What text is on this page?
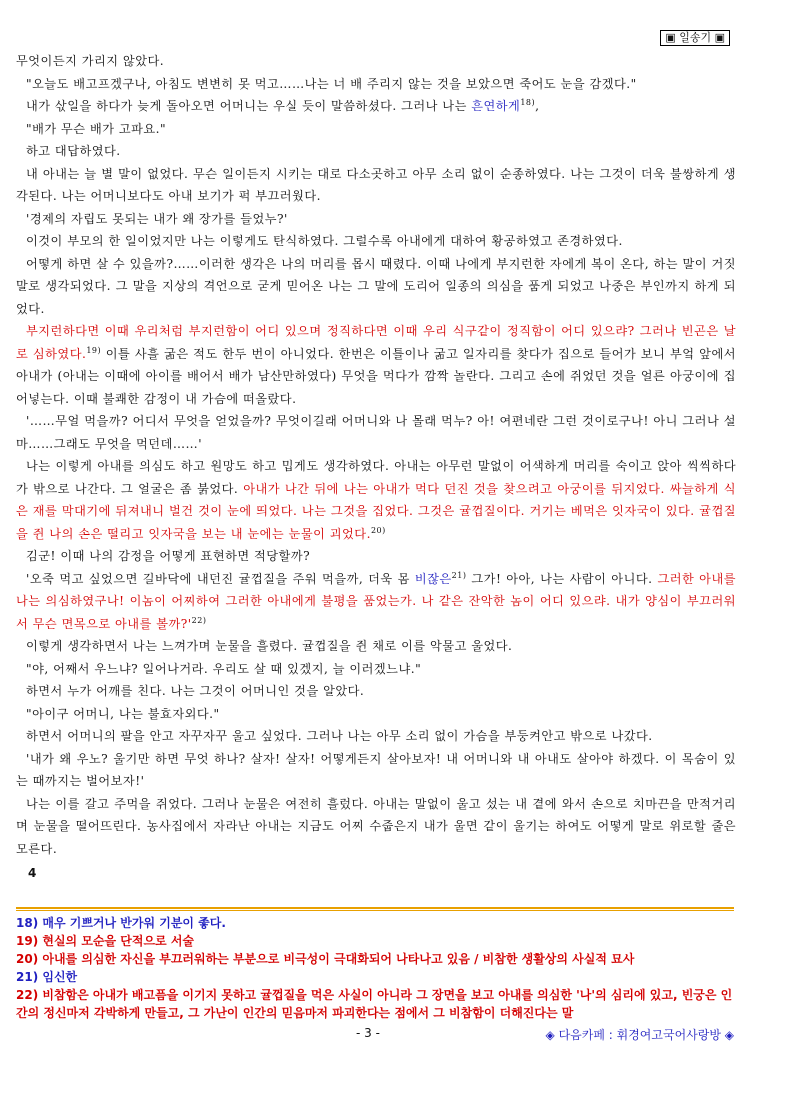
▣ 일송기 ▣

무엇이든지 가리지 않았다.

"오늘도 배고프겠구나, 아침도 변변히 못 먹고……나는 너 배 주리지 않는 것을 보았으면 죽어도 눈을 감겠다."

내가 삯일을 하다가 늦게 돌아오면 어머니는 우실 듯이 말씀하셨다. 그러나 나는 흔연하게$^{18)}$,

"배가 무슨 배가 고파요."

하고 대답하였다.

내 아내는 늘 별 말이 없었다. 무슨 일이든지 시키는 대로 다소곳하고 아무 소리 없이 순종하였다. 나는 그것이 더욱 불쌍하게 생각된다. 나는 어머니보다도 아내 보기가 퍽 부끄러웠다.

'경제의 자립도 못되는 내가 왜 장가를 들었누?'

이것이 부모의 한 일이었지만 나는 이렇게도 탄식하였다. 그럴수록 아내에게 대하여 황공하였고 존경하였다.

어떻게 하면 살 수 있을까?……이러한 생각은 나의 머리를 몹시 때렸다. 이때 나에게 부지런한 자에게 복이 온다, 하는 말이 거짓말로 생각되었다. 그 말을 지상의 격언으로 굳게 믿어온 나는 그 말에 도리어 일종의 의심을 품게 되었고 나중은 부인까지 하게 되었다.

부지런하다면 이때 우리처럼 부지런함이 어디 있으며 정직하다면 이때 우리 식구같이 정직함이 어디 있으랴? 그러나 빈곤은 날로 심하였다.$^{19)}$ 이틀 사흘 굶은 적도 한두 번이 아니었다. 한번은 이틀이나 굶고 일자리를 찾다가 집으로 들어가 보니 부엌 앞에서 아내가 (아내는 이때에 아이를 배어서 배가 남산만하였다) 무엇을 먹다가 깜짝 놀란다. 그리고 손에 쥐었던 것을 얼른 아궁이에 집어넣는다. 이때 불쾌한 감정이 내 가슴에 떠올랐다.

'……무얼 먹을까? 어디서 무엇을 얻었을까? 무엇이길래 어머니와 나 몰래 먹누? 아! 여편네란 그런 것이로구나! 아니 그러나 설마……그래도 무엇을 먹던데……'

나는 이렇게 아내를 의심도 하고 원망도 하고 밉게도 생각하였다. 아내는 아무런 말없이 어색하게 머리를 숙이고 앉아 씩씩하다가 밖으로 나간다. 그 얼굴은 좀 붉었다. 아내가 나간 뒤에 나는 아내가 먹다 던진 것을 찾으려고 아궁이를 뒤지었다. 싸늘하게 식은 재를 막대기에 뒤져내니 벌건 것이 눈에 띄었다. 나는 그것을 집었다. 그것은 귤껍질이다. 거기는 베먹은 잇자국이 있다. 귤껍질을 쥔 나의 손은 떨리고 잇자국을 보는 내 눈에는 눈물이 괴었다.$^{20)}$

김군! 이때 나의 감정을 어떻게 표현하면 적당할까?

'오죽 먹고 싶었으면 길바닥에 내던진 귤껍질을 주워 먹을까, 더욱 몸 비잖은$^{21)}$ 그가! 아아, 나는 사람이 아니다. 그러한 아내를 나는 의심하였구나! 이놈이 어찌하여 그러한 아내에게 불평을 품었는가. 나 같은 잔악한 놈이 어디 있으랴. 내가 양심이 부끄러워서 무슨 면목으로 아내를 볼까$?'^{22)}$

이렇게 생각하면서 나는 느껴가며 눈물을 흘렸다. 귤껍질을 쥔 채로 이를 악물고 울었다.

"야, 어째서 우느냐? 일어나거라. 우리도 살 때 있겠지, 늘 이러겠느냐."

하면서 누가 어깨를 친다. 나는 그것이 어머니인 것을 알았다.

"아이구 어머니, 나는 불효자외다."

하면서 어머니의 팔을 안고 자꾸자꾸 울고 싶었다. 그러나 나는 아무 소리 없이 가슴을 부둥켜안고 밖으로 나갔다.

'내가 왜 우노? 울기만 하면 무엇 하나? 살자! 살자! 어떻게든지 살아보자! 내 어머니와 내 아내도 살아야 하겠다. 이 목숨이 있는 때까지는 벌어보자!'

나는 이를 갈고 주먹을 쥐었다. 그러나 눈물은 여전히 흘렀다. 아내는 말없이 울고 섰는 내 곁에 와서 손으로 치마끈을 만적거리며 눈물을 떨어뜨린다. 농사집에서 자라난 아내는 지금도 어찌 수줍은지 내가 울면 같이 울기는 하여도 어떻게 말로 위로할 줄은 모른다.

4
18) 매우 기쁘거나 반가워 기분이 좋다.
19) 현실의 모순을 단적으로 서술
20) 아내를 의심한 자신을 부끄러워하는 부분으로 비극성이 극대화되어 나타나고 있음 / 비참한 생활상의 사실적 묘사
21) 임신한
22) 비참함은 아내가 배고픔을 이기지 못하고 귤껍질을 먹은 사실이 아니라 그 장면을 보고 아내를 의심한 '나'의 심리에 있고, 빈궁은 인간의 정신마저 각박하게 만들고, 그 가난이 인간의 믿음마저 파괴한다는 점에서 그 비참함이 더해진다는 말
- 3 -	◈ 다음카페 : 휘경여고국어사랑방 ◈
